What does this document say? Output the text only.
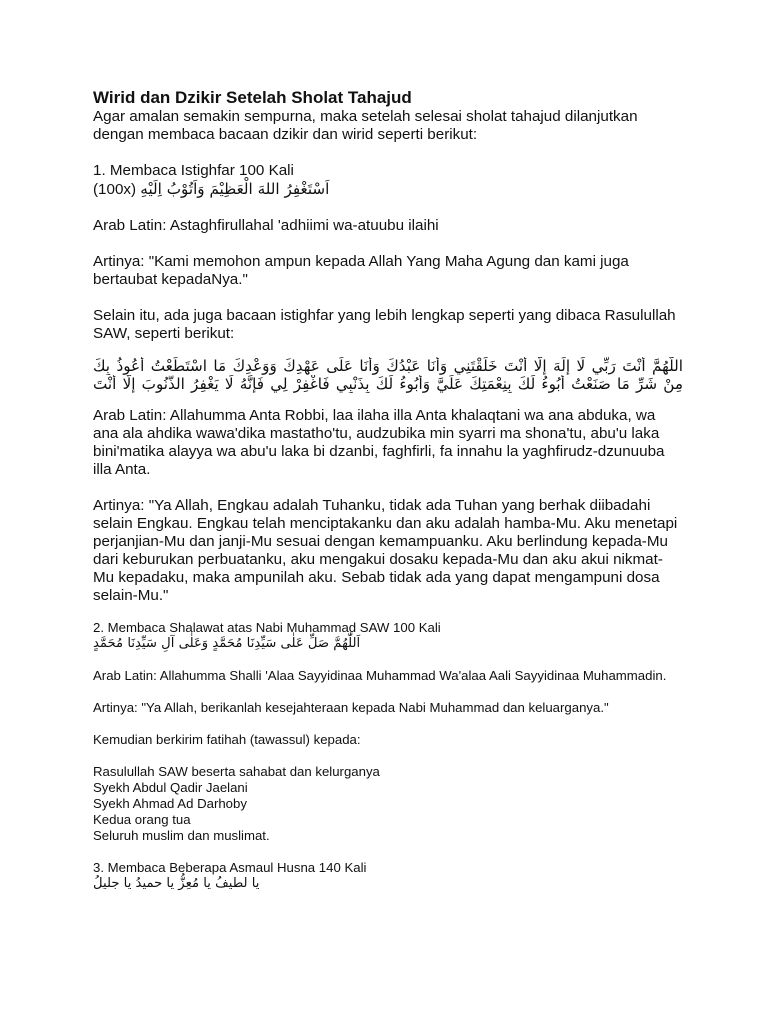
Wirid dan Dzikir Setelah Sholat Tahajud

Agar amalan semakin sempurna, maka setelah selesai sholat tahajud dilanjutkan dengan membaca bacaan dzikir dan wirid seperti berikut:

1. Membaca Istighfar 100 Kali

(100x) اَسْتَغْفِرُ اللهَ الْعَظِيْمَ وَاَتُوْبُ اِلَيْهِ

Arab Latin: Astaghfirullahal 'adhiimi wa-atuubu ilaihi

Artinya: "Kami memohon ampun kepada Allah Yang Maha Agung dan kami juga bertaubat kepadaNya."

Selain itu, ada juga bacaan istighfar yang lebih lengkap seperti yang dibaca Rasulullah SAW, seperti berikut:

اللَّهُمَّ أَنْتَ رَبِّي لَا إِلَهَ إِلَّا أَنْتَ خَلَقْتَنِي وَأَنَا عَبْدُكَ وَأَنَا عَلَى عَهْدِكَ وَوَعْدِكَ مَا اسْتَطَعْتُ أَعُوذُ بِكَ

مِنْ شَرِّ مَا صَنَعْتُ أَبُوءُ لَكَ بِنِعْمَتِكَ عَلَيَّ وَأَبُوءُ لَكَ بِذَنْبِي فَاغْفِرْ لِي فَإِنَّهُ لَا يَغْفِرُ الذُّنُوبَ إِلَّا أَنْتَ

Arab Latin: Allahumma Anta Robbi, laa ilaha illa Anta khalaqtani wa ana abduka, wa ana ala ahdika wawa'dika mastatho'tu, audzubika min syarri ma shona'tu, abu'u laka bini'matika alayya wa abu'u laka bi dzanbi, faghfirli, fa innahu la yaghfirudz-dzunuuba illa Anta.

Artinya: "Ya Allah, Engkau adalah Tuhanku, tidak ada Tuhan yang berhak diibadahi selain Engkau. Engkau telah menciptakanku dan aku adalah hamba-Mu. Aku menetapi perjanjian-Mu dan janji-Mu sesuai dengan kemampuanku. Aku berlindung kepada-Mu dari keburukan perbuatanku, aku mengakui dosaku kepada-Mu dan aku akui nikmat-Mu kepadaku, maka ampunilah aku. Sebab tidak ada yang dapat mengampuni dosa selain-Mu."

2. Membaca Shalawat atas Nabi Muhammad SAW 100 Kali

اَللّٰهُمَّ صَلِّ عَلٰى سَيِّدِنَا مُحَمَّدٍ وَعَلٰى آلِ سَيِّدِنَا مُحَمَّدٍ

Arab Latin: Allahumma Shalli 'Alaa Sayyidinaa Muhammad Wa'alaa Aali Sayyidinaa Muhammadin.

Artinya: "Ya Allah, berikanlah kesejahteraan kepada Nabi Muhammad dan keluarganya."

Kemudian berkirim fatihah (tawassul) kepada:

Rasulullah SAW beserta sahabat dan kelurganya

Syekh Abdul Qadir Jaelani

Syekh Ahmad Ad Darhoby

Kedua orang tua

Seluruh muslim dan muslimat.

3. Membaca Beberapa Asmaul Husna 140 Kali

يا لطيفُ يا مُعِزُّ يا حميدُ يا جليلُ
